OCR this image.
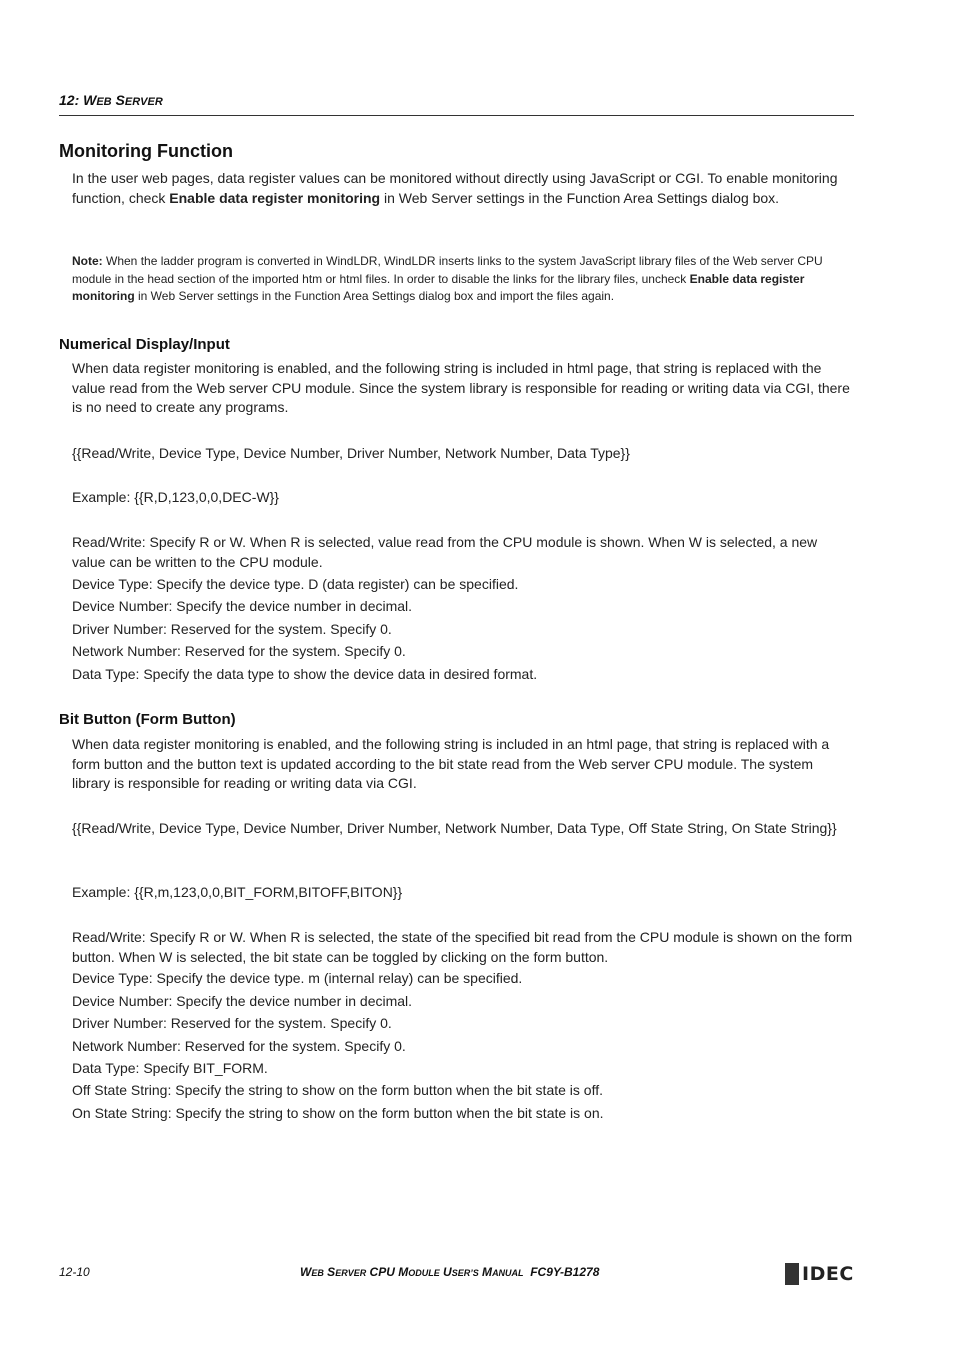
12: WEB SERVER
Monitoring Function

In the user web pages, data register values can be monitored without directly using JavaScript or CGI. To enable monitoring function, check Enable data register monitoring in Web Server settings in the Function Area Settings dialog box.

Note: When the ladder program is converted in WindLDR, WindLDR inserts links to the system JavaScript library files of the Web server CPU module in the head section of the imported htm or html files. In order to disable the links for the library files, uncheck Enable data register monitoring in Web Server settings in the Function Area Settings dialog box and import the files again.

Numerical Display/Input

When data register monitoring is enabled, and the following string is included in html page, that string is replaced with the value read from the Web server CPU module. Since the system library is responsible for reading or writing data via CGI, there is no need to create any programs.

{{Read/Write, Device Type, Device Number, Driver Number, Network Number, Data Type}}

Example: {{R,D,123,0,0,DEC-W}}

Read/Write: Specify R or W. When R is selected, value read from the CPU module is shown. When W is selected, a new value can be written to the CPU module.

Device Type: Specify the device type. D (data register) can be specified.

Device Number: Specify the device number in decimal.

Driver Number: Reserved for the system. Specify 0.

Network Number: Reserved for the system. Specify 0.

Data Type: Specify the data type to show the device data in desired format.

Bit Button (Form Button)

When data register monitoring is enabled, and the following string is included in an html page, that string is replaced with a form button and the button text is updated according to the bit state read from the Web server CPU module. The system library is responsible for reading or writing data via CGI.

{{Read/Write, Device Type, Device Number, Driver Number, Network Number, Data Type, Off State String, On State String}}

Example: {{R,m,123,0,0,BIT_FORM,BITOFF,BITON}}

Read/Write: Specify R or W. When R is selected, the state of the specified bit read from the CPU module is shown on the form button. When W is selected, the bit state can be toggled by clicking on the form button.

Device Type: Specify the device type. m (internal relay) can be specified.

Device Number: Specify the device number in decimal.

Driver Number: Reserved for the system. Specify 0.

Network Number: Reserved for the system. Specify 0.

Data Type: Specify BIT_FORM.

Off State String: Specify the string to show on the form button when the bit state is off.

On State String: Specify the string to show on the form button when the bit state is on.

12-10	WEB SERVER CPU MODULE USER’S MANUAL  FC9Y-B1278	IDEC
